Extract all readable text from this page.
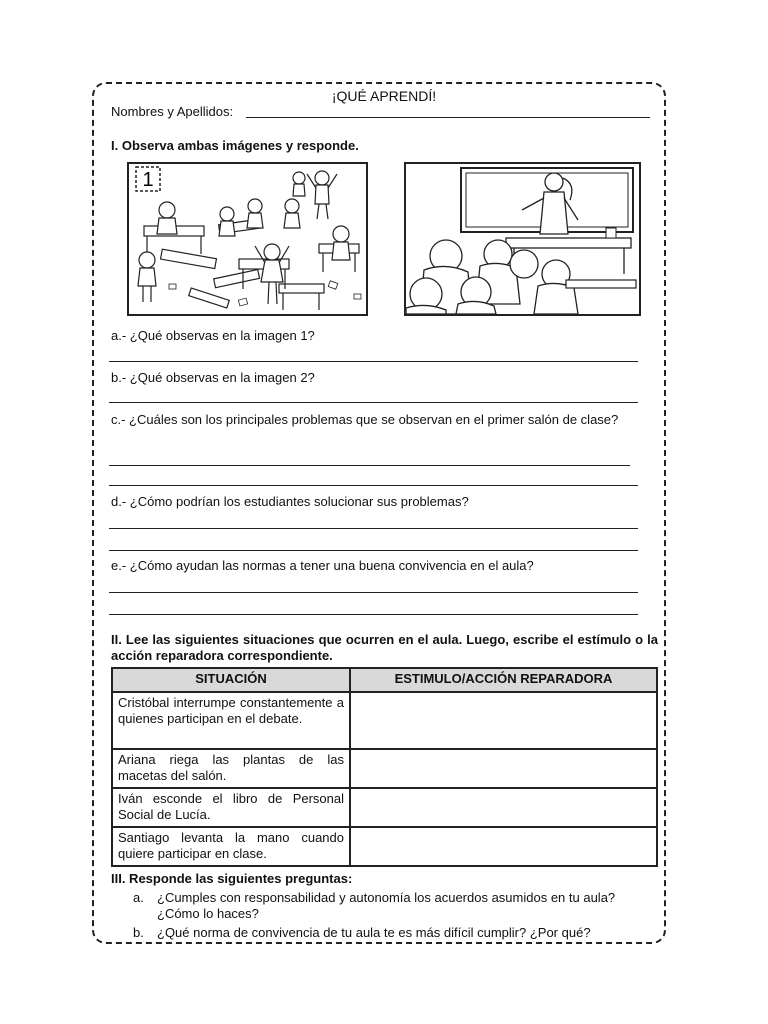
¡QUÉ APRENDÍ!
Nombres y Apellidos:
I. Observa ambas imágenes y responde.
1
a.- ¿Qué observas en la imagen 1?
b.- ¿Qué observas en la imagen 2?
c.- ¿Cuáles son los principales problemas que se observan en el primer salón de clase?
d.- ¿Cómo podrían los estudiantes solucionar sus problemas?
e.- ¿Cómo ayudan las normas a tener una buena convivencia en el aula?
II. Lee las siguientes situaciones que ocurren en el aula. Luego, escribe el estímulo o la acción reparadora correspondiente.
SITUACIÓN	ESTIMULO/ACCIÓN REPARADORA

Cristóbal interrumpe constantemente a quienes participan en el debate.	

Ariana riega las plantas de las macetas del salón.	

Iván esconde el libro de Personal Social de Lucía.	

Santiago levanta la mano cuando quiere participar en clase.	

III. Responde las siguientes preguntas:
a. ¿Cumples con responsabilidad y autonomía los acuerdos asumidos en tu aula? ¿Cómo lo haces?
b. ¿Qué norma de convivencia de tu aula te es más difícil cumplir? ¿Por qué?
